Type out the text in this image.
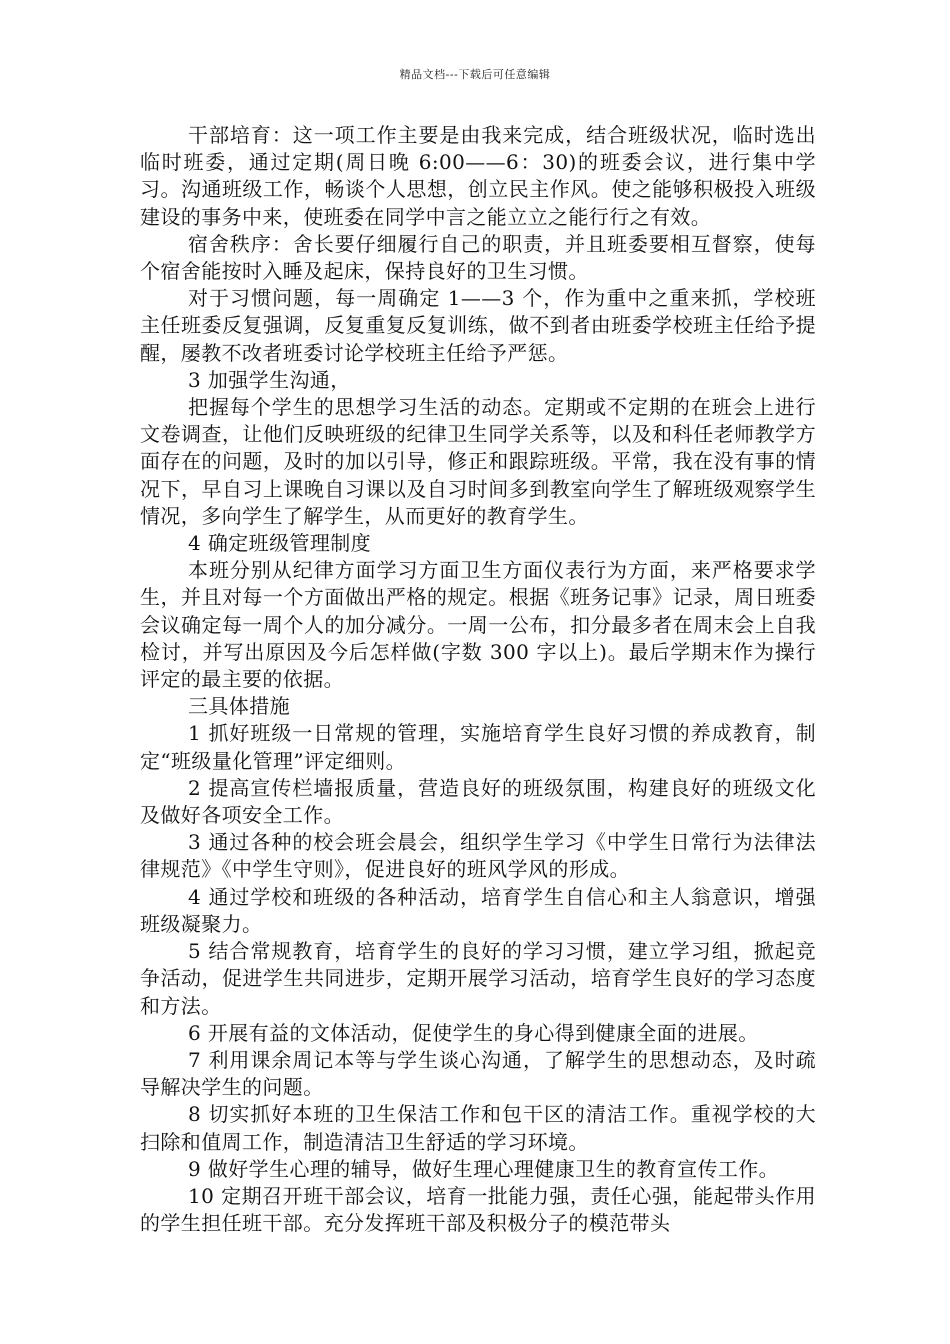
精品文档---下载后可任意编辑

干部培育：这一项工作主要是由我来完成，结合班级状况，临时选出临时班委，通过定期(周日晚 6:00——6：30)的班委会议，进行集中学习。沟通班级工作，畅谈个人思想，创立民主作风。使之能够积极投入班级建设的事务中来，使班委在同学中言之能立立之能行行之有效。

宿舍秩序：舍长要仔细履行自己的职责，并且班委要相互督察，使每个宿舍能按时入睡及起床，保持良好的卫生习惯。

对于习惯问题，每一周确定 1——3 个，作为重中之重来抓，学校班主任班委反复强调，反复重复反复训练，做不到者由班委学校班主任给予提醒，屡教不改者班委讨论学校班主任给予严惩。

3 加强学生沟通，

把握每个学生的思想学习生活的动态。定期或不定期的在班会上进行文卷调查，让他们反映班级的纪律卫生同学关系等，以及和科任老师教学方面存在的问题，及时的加以引导，修正和跟踪班级。平常，我在没有事的情况下，早自习上课晚自习课以及自习时间多到教室向学生了解班级观察学生情况，多向学生了解学生，从而更好的教育学生。

4 确定班级管理制度

本班分别从纪律方面学习方面卫生方面仪表行为方面，来严格要求学生，并且对每一个方面做出严格的规定。根据《班务记事》记录，周日班委会议确定每一周个人的加分减分。一周一公布，扣分最多者在周末会上自我检讨，并写出原因及今后怎样做(字数 300 字以上)。最后学期末作为操行评定的最主要的依据。

三具体措施

1 抓好班级一日常规的管理，实施培育学生良好习惯的养成教育，制定“班级量化管理”评定细则。

2 提高宣传栏墙报质量，营造良好的班级氛围，构建良好的班级文化及做好各项安全工作。

3 通过各种的校会班会晨会，组织学生学习《中学生日常行为法律法律规范》《中学生守则》，促进良好的班风学风的形成。

4 通过学校和班级的各种活动，培育学生自信心和主人翁意识，增强班级凝聚力。

5 结合常规教育，培育学生的良好的学习习惯，建立学习组，掀起竞争活动，促进学生共同进步，定期开展学习活动，培育学生良好的学习态度和方法。

6 开展有益的文体活动，促使学生的身心得到健康全面的进展。

7 利用课余周记本等与学生谈心沟通，了解学生的思想动态，及时疏导解决学生的问题。

8 切实抓好本班的卫生保洁工作和包干区的清洁工作。重视学校的大扫除和值周工作，制造清洁卫生舒适的学习环境。

9 做好学生心理的辅导，做好生理心理健康卫生的教育宣传工作。

10 定期召开班干部会议，培育一批能力强，责任心强，能起带头作用的学生担任班干部。充分发挥班干部及积极分子的模范带头
